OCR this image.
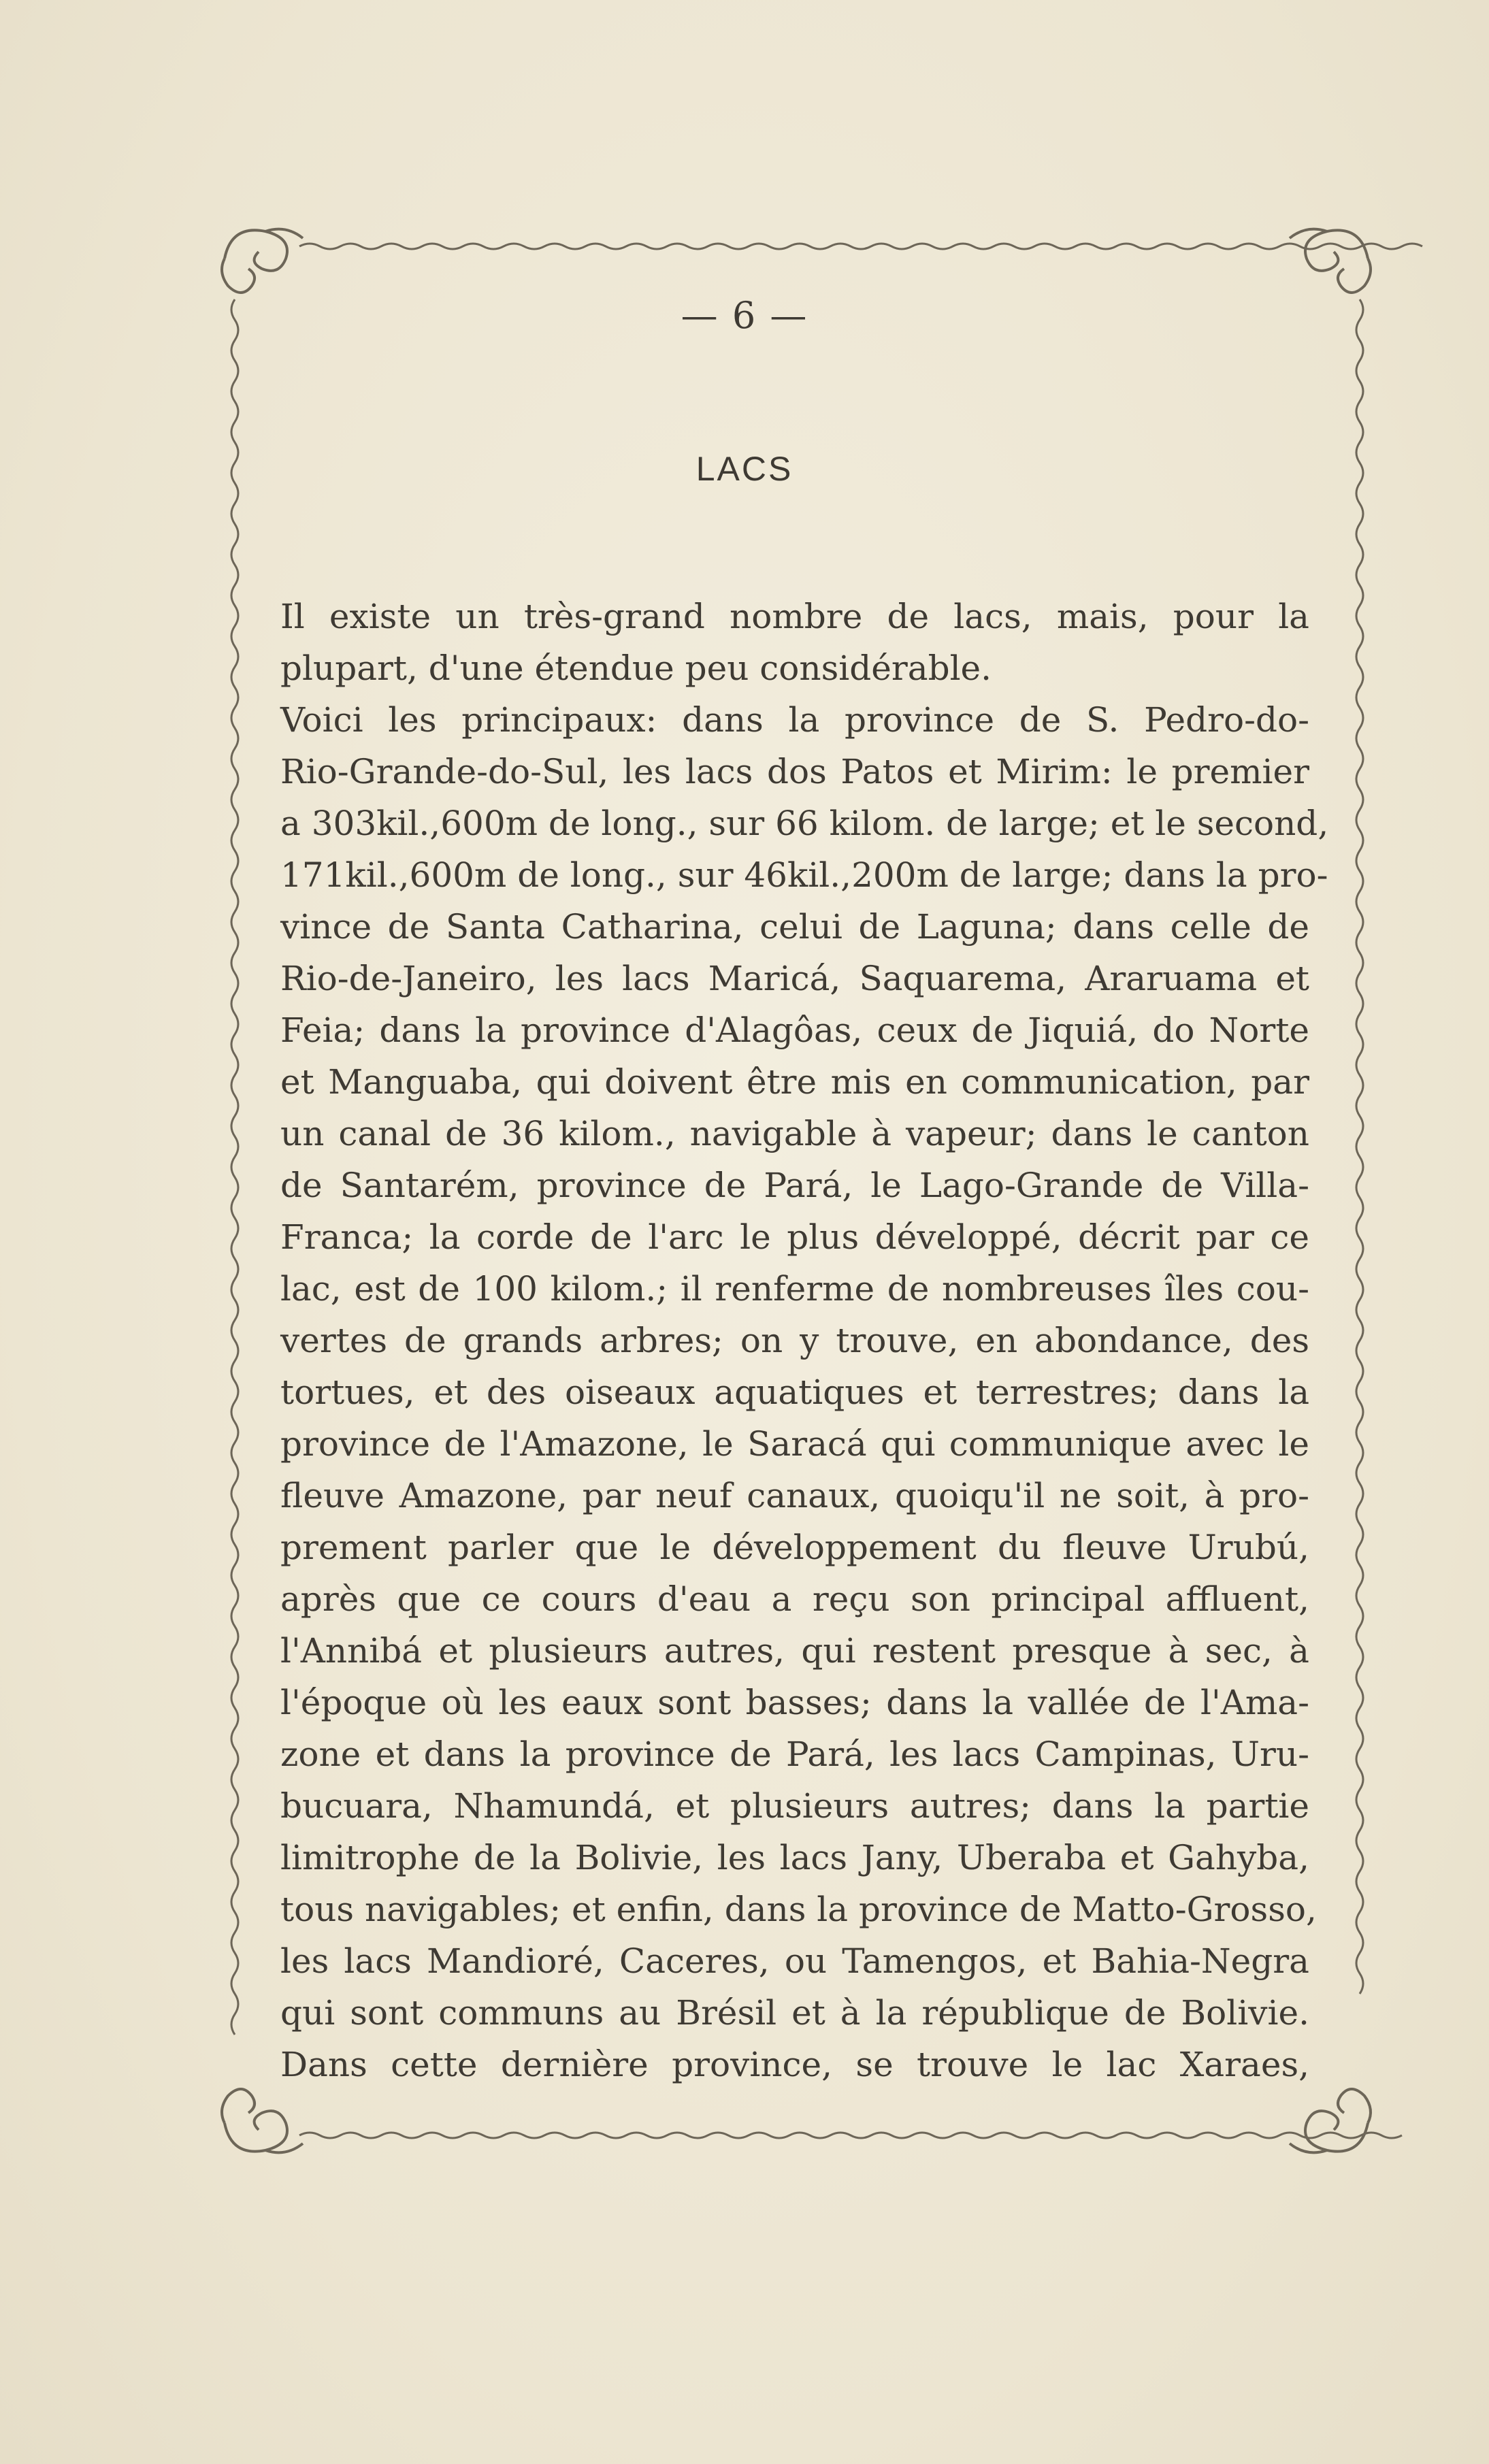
— 6 —
LACS
Il existe un très-grand nombre de lacs, mais, pour la
plupart, d'une étendue peu considérable.
Voici les principaux: dans la province de S. Pedro-do-
Rio-Grande-do-Sul, les lacs dos Patos et Mirim: le premier
a 303kil.,600m de long., sur 66 kilom. de large; et le second,
171kil.,600m de long., sur 46kil.,200m de large; dans la pro-
vince de Santa Catharina, celui de Laguna; dans celle de
Rio-de-Janeiro, les lacs Maricá, Saquarema, Araruama et
Feia; dans la province d'Alagôas, ceux de Jiquiá, do Norte
et Manguaba, qui doivent être mis en communication, par
un canal de 36 kilom., navigable à vapeur; dans le canton
de Santarém, province de Pará, le Lago-Grande de Villa-
Franca; la corde de l'arc le plus développé, décrit par ce
lac, est de 100 kilom.; il renferme de nombreuses îles cou-
vertes de grands arbres; on y trouve, en abondance, des
tortues, et des oiseaux aquatiques et terrestres; dans la
province de l'Amazone, le Saracá qui communique avec le
fleuve Amazone, par neuf canaux, quoiqu'il ne soit, à pro-
prement parler que le développement du fleuve Urubú,
après que ce cours d'eau a reçu son principal affluent,
l'Annibá et plusieurs autres, qui restent presque à sec, à
l'époque où les eaux sont basses; dans la vallée de l'Ama-
zone et dans la province de Pará, les lacs Campinas, Uru-
bucuara, Nhamundá, et plusieurs autres; dans la partie
limitrophe de la Bolivie, les lacs Jany, Uberaba et Gahyba,
tous navigables; et enfin, dans la province de Matto-Grosso,
les lacs Mandioré, Caceres, ou Tamengos, et Bahia-Negra
qui sont communs au Brésil et à la république de Bolivie.
Dans cette dernière province, se trouve le lac Xaraes,
